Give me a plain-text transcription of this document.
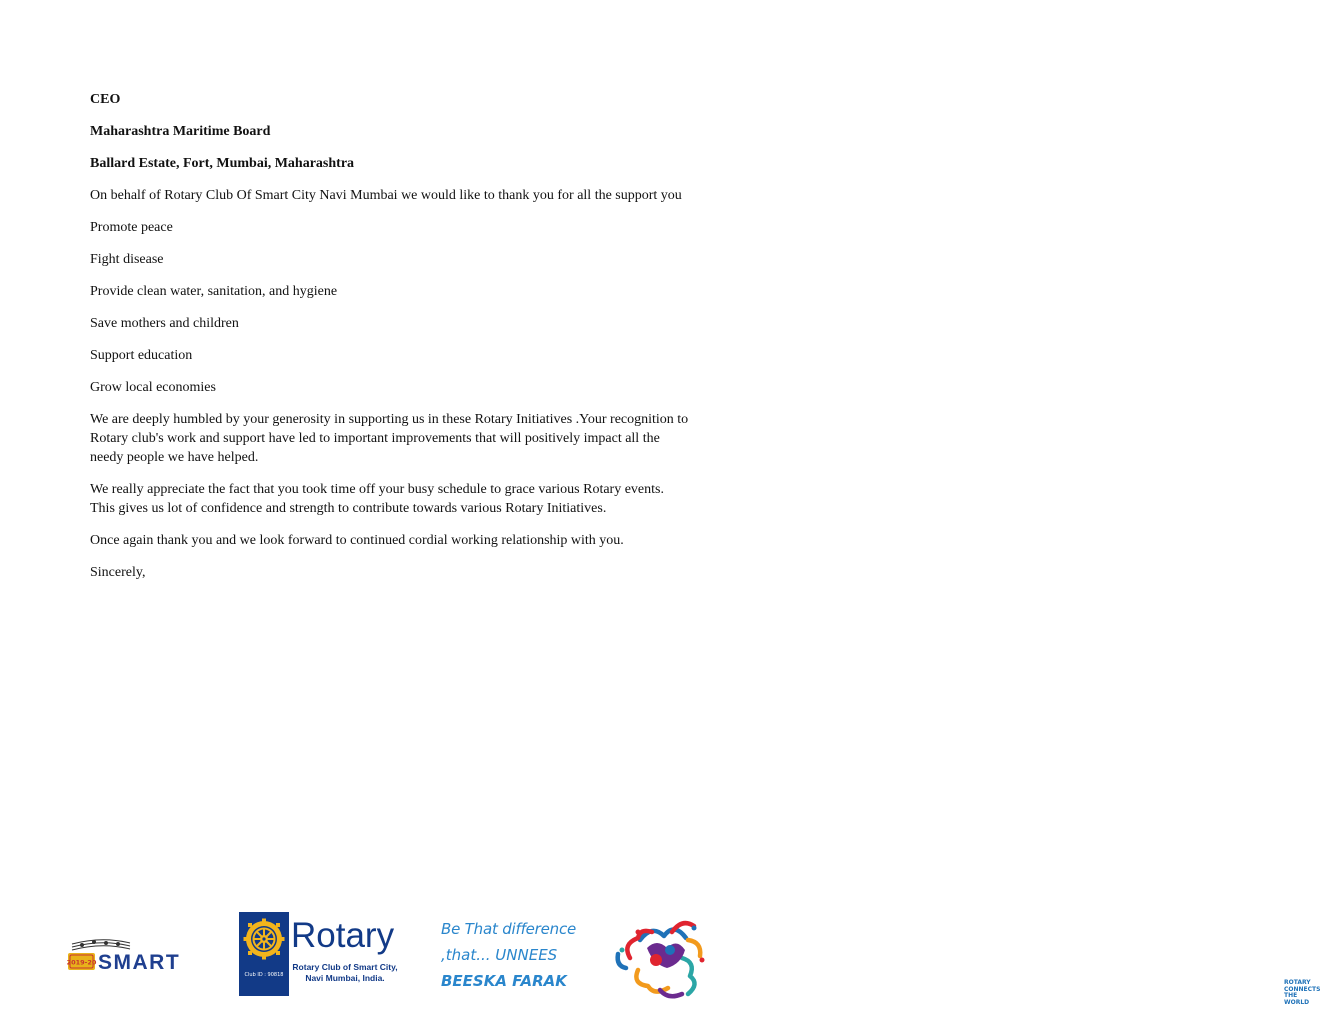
CEO

Maharashtra Maritime Board

Ballard Estate, Fort, Mumbai, Maharashtra

On behalf of Rotary Club Of Smart City Navi Mumbai we would like to thank you for all the support you

Promote peace

Fight disease

Provide clean water, sanitation, and hygiene

Save mothers and children

Support education

Grow local economies

We are deeply humbled by your generosity in supporting us in these Rotary Initiatives .Your recognition to Rotary club's work and support have led to important improvements that will positively impact all the needy people we have helped.

We really appreciate the fact that you took time off your busy schedule to grace various Rotary events. This gives us lot of confidence and strength to contribute towards various Rotary Initiatives.

Once again thank you and we look forward to continued cordial working relationship with you.

Sincerely,

2019-20 SMART
Club ID : 90818
Rotary
Rotary Club of Smart City,
Navi Mumbai, India.
Be That difference
,that... UNNEES
BEESKA FARAK	ROTARY
CONNECTS
THE WORLD
